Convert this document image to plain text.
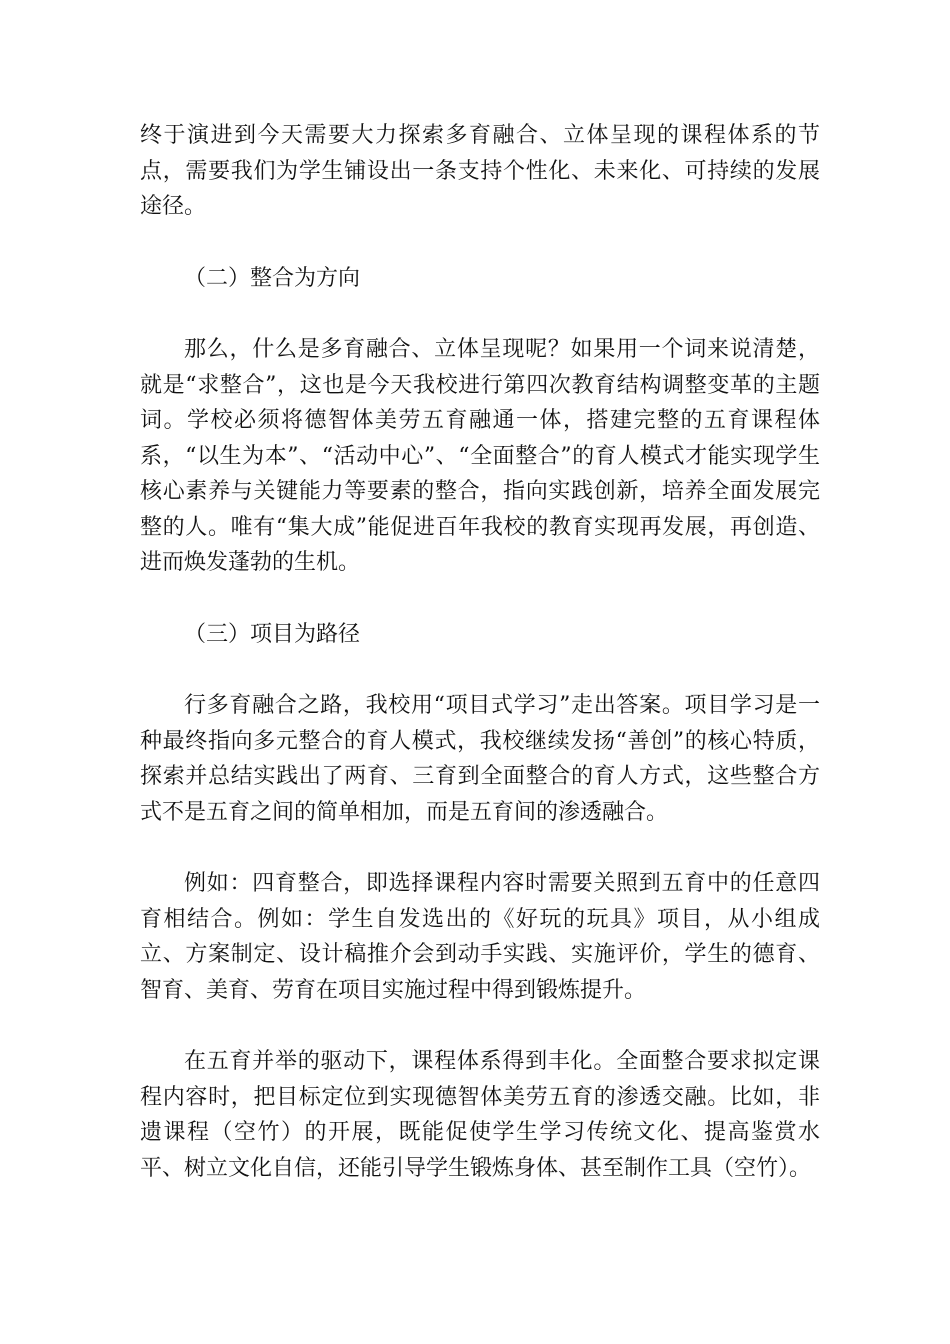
终于演进到今天需要大力探索多育融合、立体呈现的课程体系的节点，需要我们为学生铺设出一条支持个性化、未来化、可持续的发展途径。

（二）整合为方向

那么，什么是多育融合、立体呈现呢？如果用一个词来说清楚，就是“求整合”，这也是今天我校进行第四次教育结构调整变革的主题词。学校必须将德智体美劳五育融通一体，搭建完整的五育课程体系，“以生为本”、“活动中心”、“全面整合”的育人模式才能实现学生核心素养与关键能力等要素的整合，指向实践创新，培养全面发展完整的人。唯有“集大成”能促进百年我校的教育实现再发展，再创造、进而焕发蓬勃的生机。

（三）项目为路径

行多育融合之路，我校用“项目式学习”走出答案。项目学习是一种最终指向多元整合的育人模式，我校继续发扬“善创”的核心特质，探索并总结实践出了两育、三育到全面整合的育人方式，这些整合方式不是五育之间的简单相加，而是五育间的渗透融合。

例如：四育整合，即选择课程内容时需要关照到五育中的任意四育相结合。例如：学生自发选出的《好玩的玩具》项目，从小组成立、方案制定、设计稿推介会到动手实践、实施评价，学生的德育、智育、美育、劳育在项目实施过程中得到锻炼提升。

在五育并举的驱动下，课程体系得到丰化。全面整合要求拟定课程内容时，把目标定位到实现德智体美劳五育的渗透交融。比如，非遗课程（空竹）的开展，既能促使学生学习传统文化、提高鉴赏水平、树立文化自信，还能引导学生锻炼身体、甚至制作工具（空竹）。
